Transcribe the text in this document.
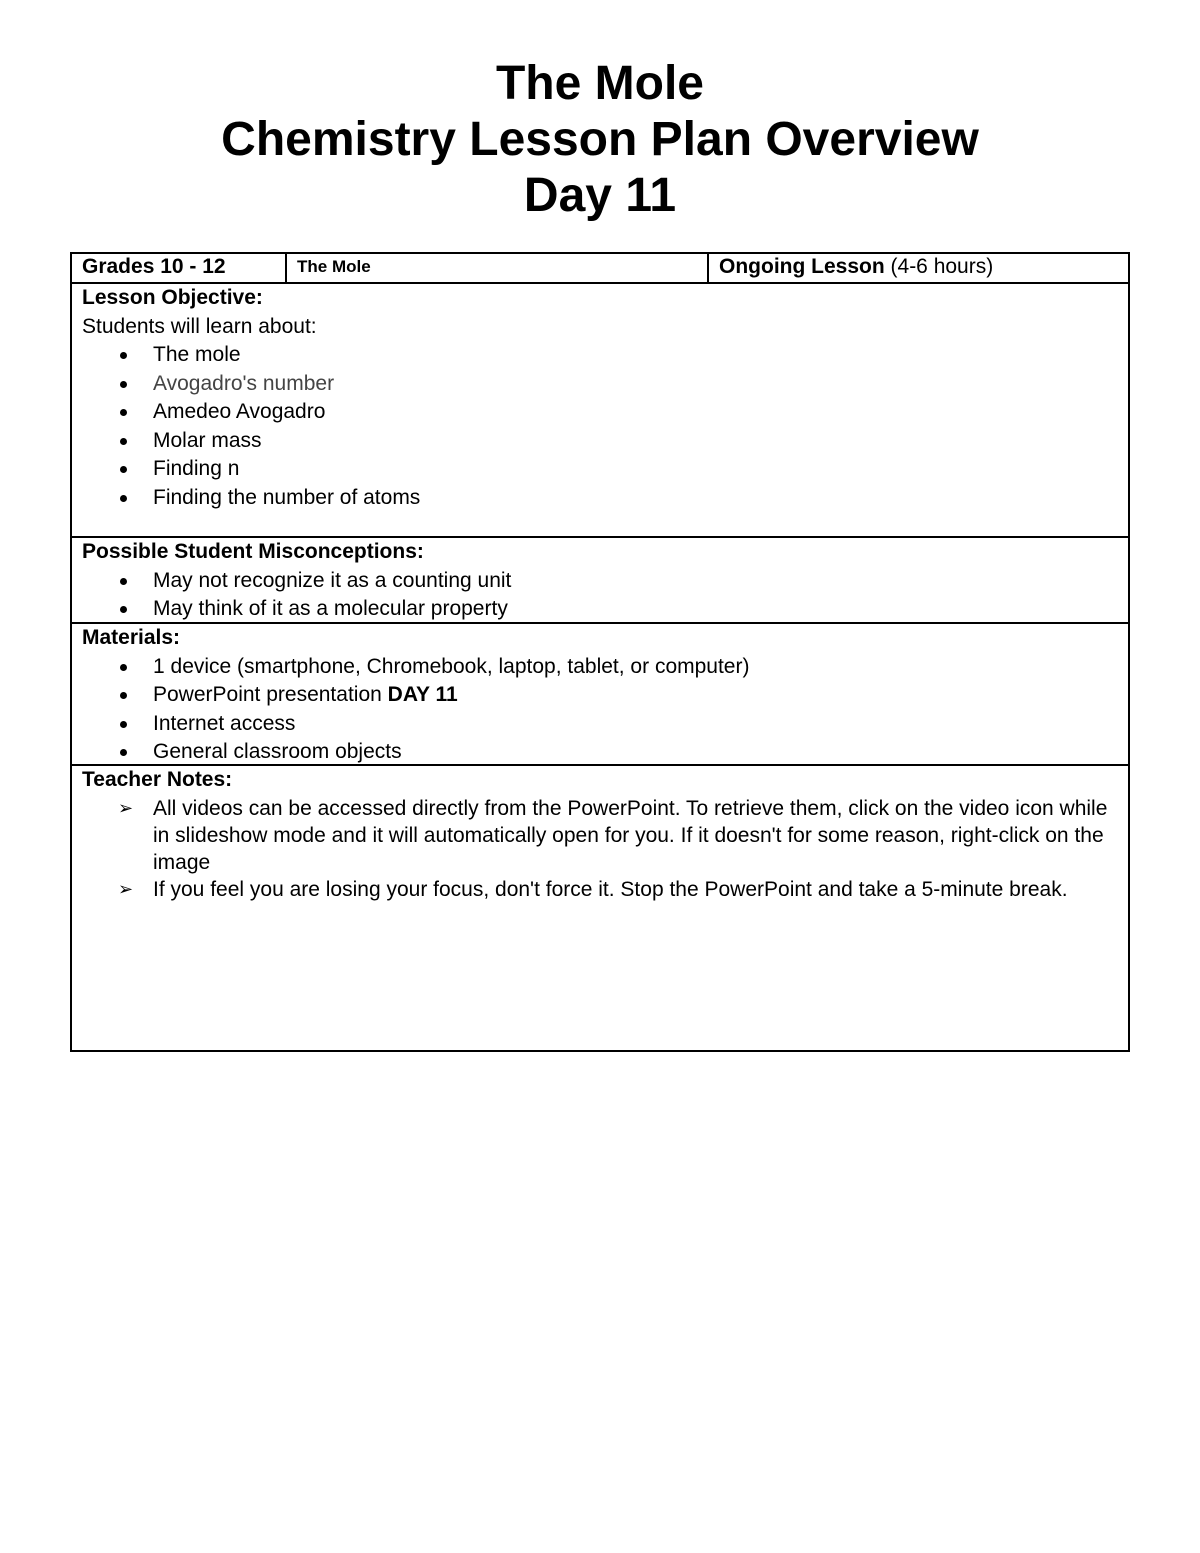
The Mole
Chemistry Lesson Plan Overview
Day 11
Grades 10 - 12	The Mole	Ongoing Lesson (4-6 hours)
Lesson Objective:
Students will learn about:
The mole
Avogadro's number
Amedeo Avogadro
Molar mass
Finding n
Finding the number of atoms
Possible Student Misconceptions:
May not recognize it as a counting unit
May think of it as a molecular property
Materials:
1 device (smartphone, Chromebook, laptop, tablet, or computer)
PowerPoint presentation DAY 11
Internet access
General classroom objects
Teacher Notes:
➢ All videos can be accessed directly from the PowerPoint. To retrieve them, click on the video icon while in slideshow mode and it will automatically open for you. If it doesn't for some reason, right-click on the image
➢ If you feel you are losing your focus, don't force it. Stop the PowerPoint and take a 5-minute break.
